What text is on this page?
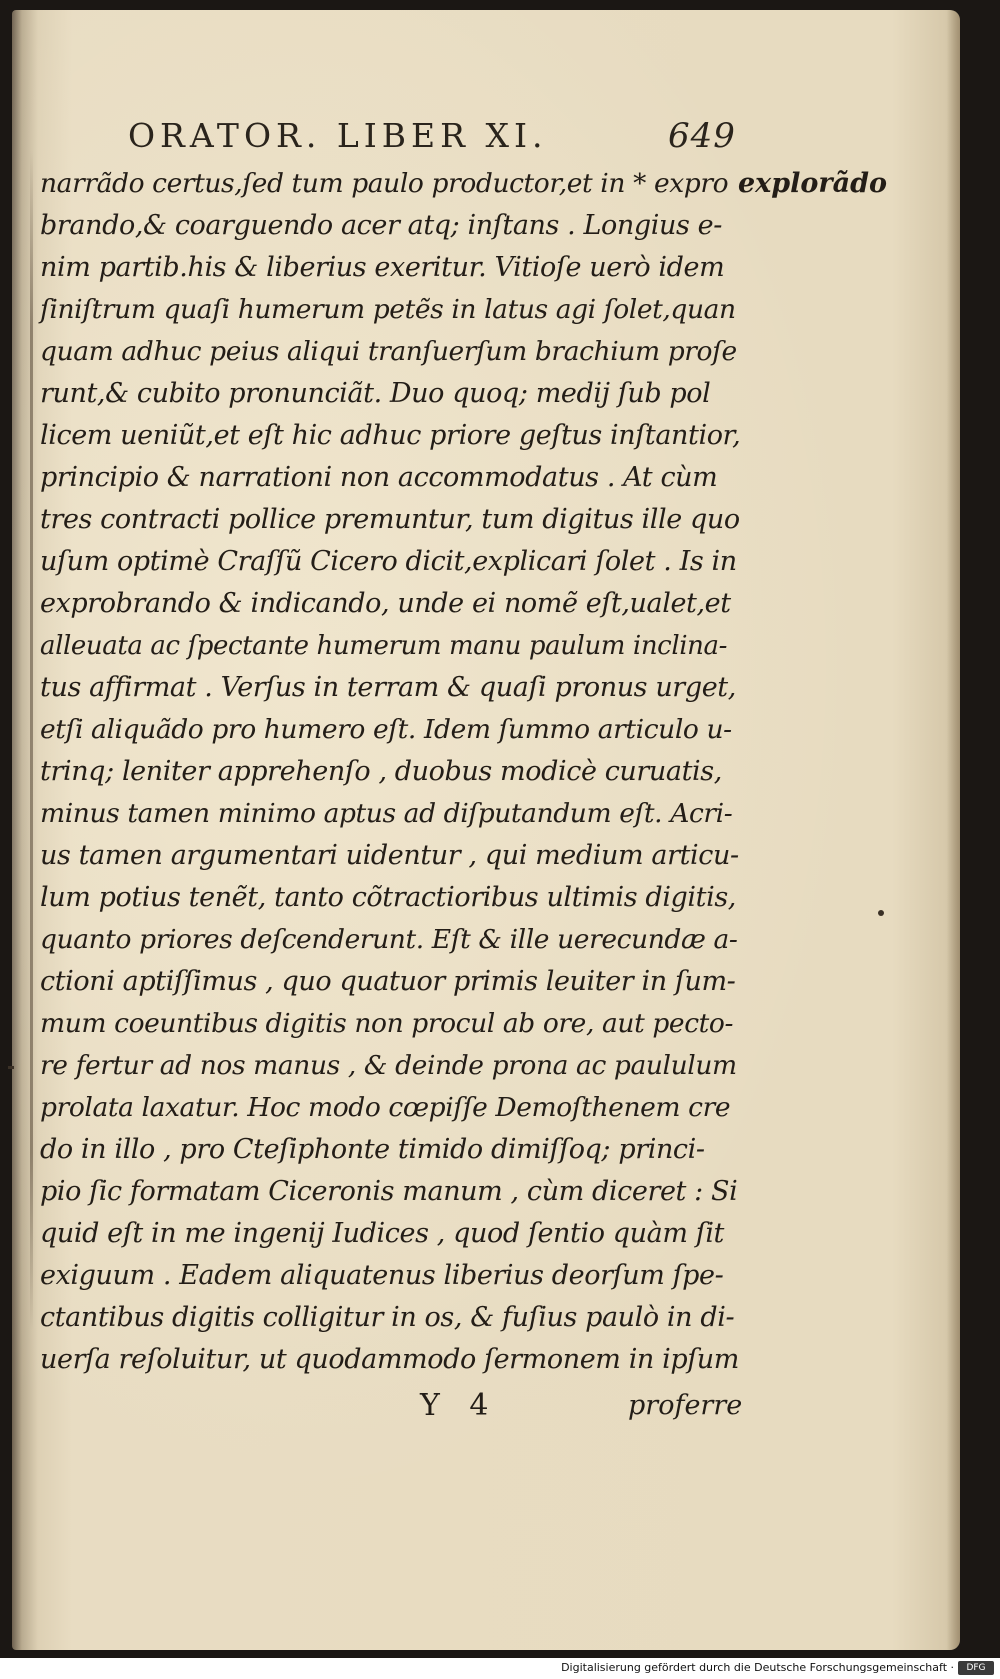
ORATOR. LIBER XI.	649
narrãdo certus,ſed tum paulo productor,et in * expro
brando,& coarguendo acer atq; inſtans . Longius e-
nim partib.his & liberius exeritur. Vitioſe uerò idem
ſiniſtrum quaſi humerum petẽs in latus agi ſolet,quan
quam adhuc peius aliqui tranſuerſum brachium proſe
runt,& cubito pronunciãt. Duo quoq; medij ſub pol
licem ueniũt,et eſt hic adhuc priore geſtus inſtantior,
principio & narrationi non accommodatus . At cùm
tres contracti pollice premuntur, tum digitus ille quo
uſum optimè Craſſũ Cicero dicit,explicari ſolet . Is in
exprobrando & indicando, unde ei nomẽ eſt,ualet,et
alleuata ac ſpectante humerum manu paulum inclina-
tus affirmat . Verſus in terram & quaſi pronus urget,
etſi aliquãdo pro humero eſt. Idem ſummo articulo u-
trinq; leniter apprehenſo , duobus modicè curuatis,
minus tamen minimo aptus ad diſputandum eſt. Acri-
us tamen argumentari uidentur , qui medium articu-
lum potius tenẽt, tanto cõtractioribus ultimis digitis,
quanto priores deſcenderunt. Eſt & ille uerecundæ a-
ctioni aptiſſimus , quo quatuor primis leuiter in ſum-
mum coeuntibus digitis non procul ab ore, aut pecto-
re fertur ad nos manus , & deinde prona ac paululum
prolata laxatur. Hoc modo cœpiſſe Demoſthenem cre
do in illo , pro Cteſiphonte timido dimiſſoq; princi-
pio ſic formatam Ciceronis manum , cùm diceret : Si
quid eſt in me ingenij Iudices , quod ſentio quàm ſit
exiguum . Eadem aliquatenus liberius deorſum ſpe-
ctantibus digitis colligitur in os, & fuſius paulò in di-
uerſa reſoluitur, ut quodammodo ſermonem in ipſum
explorãdo
Y 4	proferre
Digitalisierung gefördert durch die Deutsche Forschungsgemeinschaft ·	DFG
